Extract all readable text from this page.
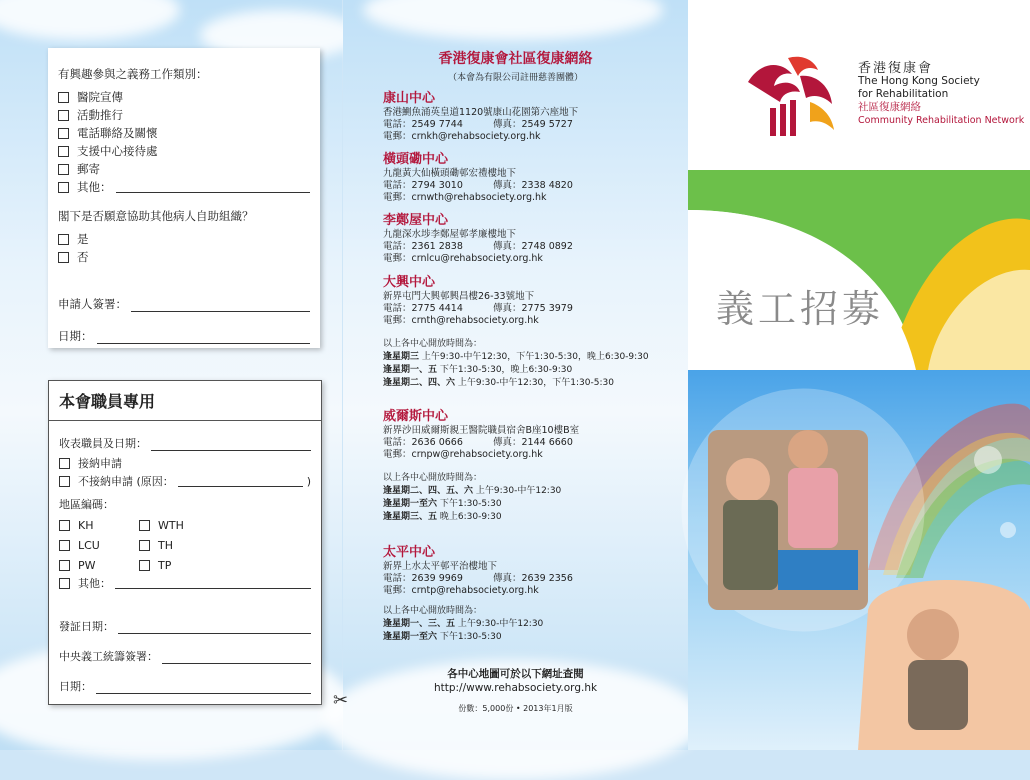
有興趣參與之義務工作類別：
醫院宣傳
活動推行
電話聯絡及關懷
支援中心接待處
郵寄
其他：
閣下是否願意協助其他病人自助組織？
是
否
申請人簽署：
日期：
本會職員專用
收表職員及日期：
接納申請
不接納申請 (原因：	)
地區編碼：
KH	WTH
LCU	TH
PW	TP
其他：
發証日期：
中央義工統籌簽署：
日期：
香港復康會社區復康網絡
（本會為有限公司註冊慈善團體）
康山中心
香港鰂魚涌英皇道1120號康山花園第六座地下
電話：2549 7744	傳真：2549 5727
電郵：crnkh@rehabsociety.org.hk
橫頭磡中心
九龍黃大仙橫頭磡邨宏禮樓地下
電話：2794 3010	傳真：2338 4820
電郵：crnwth@rehabsociety.org.hk
李鄭屋中心
九龍深水埗李鄭屋邨孝廉樓地下
電話：2361 2838	傳真：2748 0892
電郵：crnlcu@rehabsociety.org.hk
大興中心
新界屯門大興邨興昌樓26-33號地下
電話：2775 4414	傳真：2775 3979
電郵：crnth@rehabsociety.org.hk
以上各中心開放時間為：
逢星期三 上午9:30-中午12:30，下午1:30-5:30，晚上6:30-9:30
逢星期一、五 下午1:30-5:30，晚上6:30-9:30
逢星期二、四、六 上午9:30-中午12:30，下午1:30-5:30
威爾斯中心
新界沙田威爾斯親王醫院職員宿舍B座10樓B室
電話：2636 0666	傳真：2144 6660
電郵：crnpw@rehabsociety.org.hk
以上各中心開放時間為：
逢星期二、四、五、六 上午9:30-中午12:30
逢星期一至六 下午1:30-5:30
逢星期三、五 晚上6:30-9:30
太平中心
新界上水太平邨平治樓地下
電話：2639 9969	傳真：2639 2356
電郵：crntp@rehabsociety.org.hk
以上各中心開放時間為：
逢星期一、三、五 上午9:30-中午12:30
逢星期一至六 下午1:30-5:30
各中心地圖可於以下網址查閱
http://www.rehabsociety.org.hk
份數：5,000份 • 2013年1月版
✂
香港復康會
The Hong Kong Society
for Rehabilitation
社區復康網絡
Community Rehabilitation Network
義工招募
